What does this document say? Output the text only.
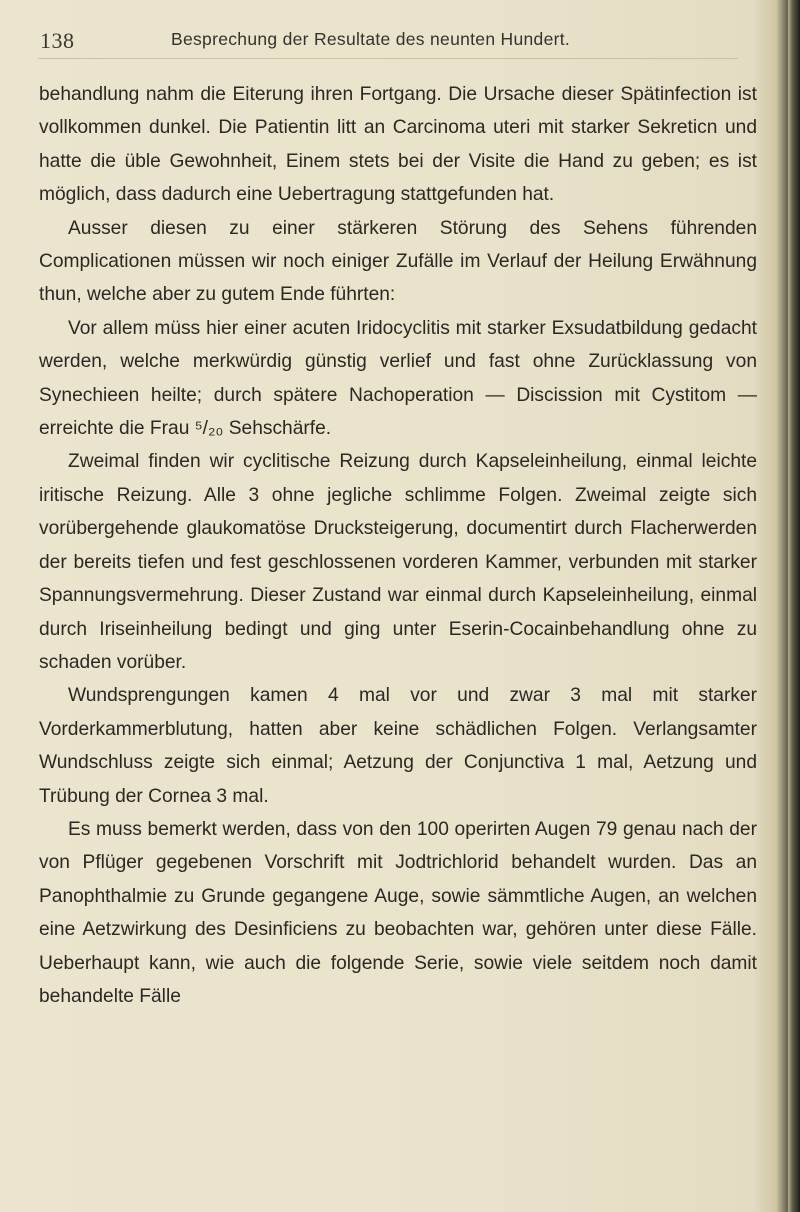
138	Besprechung der Resultate des neunten Hundert.

behandlung nahm die Eiterung ihren Fortgang. Die Ursache dieser Spätinfection ist vollkommen dunkel. Die Patientin litt an Carcinoma uteri mit starker Sekreticn und hatte die üble Gewohnheit, Einem stets bei der Visite die Hand zu geben; es ist möglich, dass dadurch eine Uebertragung stattgefunden hat.

Ausser diesen zu einer stärkeren Störung des Sehens führenden Complicationen müssen wir noch einiger Zufälle im Verlauf der Heilung Erwähnung thun, welche aber zu gutem Ende führten:

Vor allem müss hier einer acuten Iridocyclitis mit starker Exsudatbildung gedacht werden, welche merkwürdig günstig verlief und fast ohne Zurücklassung von Synechieen heilte; durch spätere Nachoperation — Discission mit Cystitom — erreichte die Frau ⁵/₂₀ Sehschärfe.

Zweimal finden wir cyclitische Reizung durch Kapseleinheilung, einmal leichte iritische Reizung. Alle 3 ohne jegliche schlimme Folgen. Zweimal zeigte sich vorübergehende glaukomatöse Drucksteigerung, documentirt durch Flacherwerden der bereits tiefen und fest geschlossenen vorderen Kammer, verbunden mit starker Spannungsvermehrung. Dieser Zustand war einmal durch Kapseleinheilung, einmal durch Iriseinheilung bedingt und ging unter Eserin-Cocainbehandlung ohne zu schaden vorüber.

Wundsprengungen kamen 4 mal vor und zwar 3 mal mit starker Vorderkammerblutung, hatten aber keine schädlichen Folgen. Verlangsamter Wundschluss zeigte sich einmal; Aetzung der Conjunctiva 1 mal, Aetzung und Trübung der Cornea 3 mal.

Es muss bemerkt werden, dass von den 100 operirten Augen 79 genau nach der von Pflüger gegebenen Vorschrift mit Jodtrichlorid behandelt wurden. Das an Panophthalmie zu Grunde gegangene Auge, sowie sämmtliche Augen, an welchen eine Aetzwirkung des Desinficiens zu beobachten war, gehören unter diese Fälle. Ueberhaupt kann, wie auch die folgende Serie, sowie viele seitdem noch damit behandelte Fälle
